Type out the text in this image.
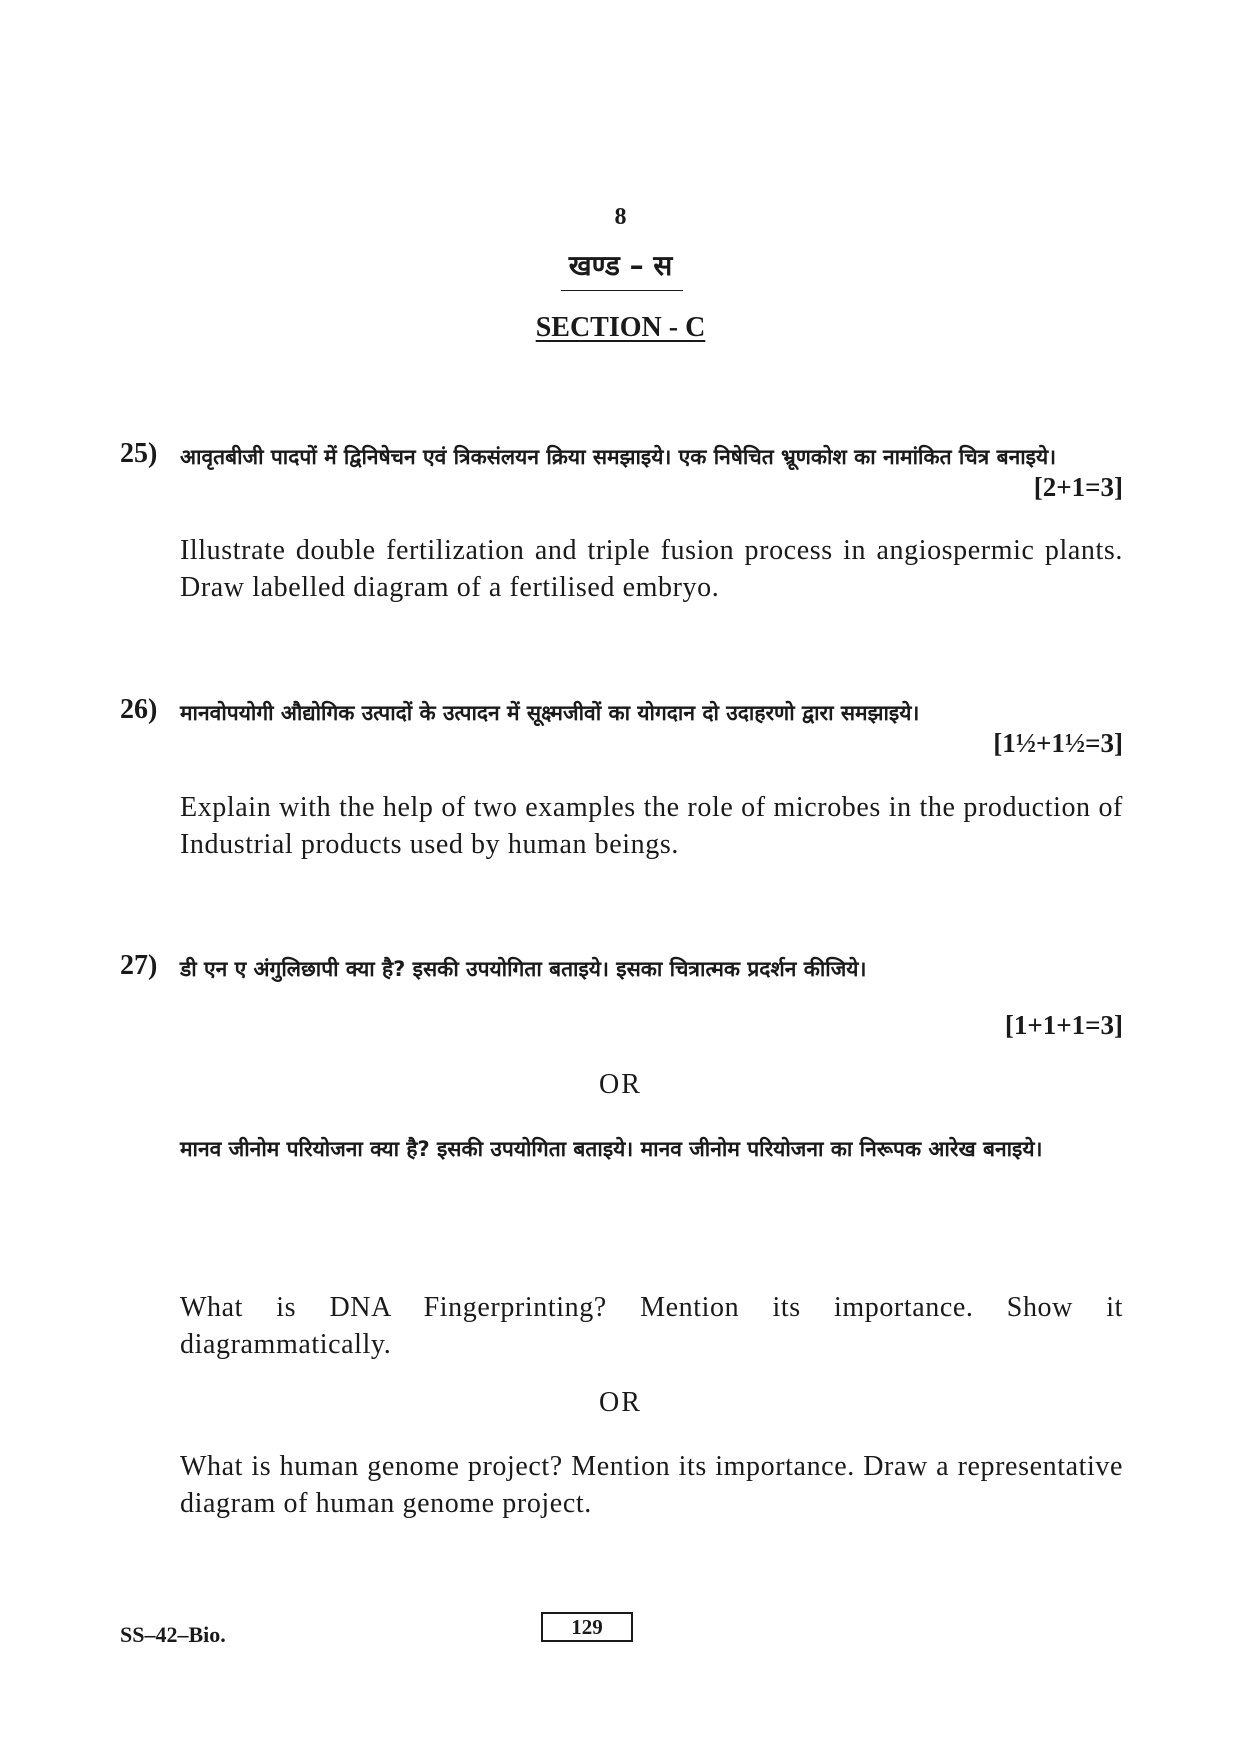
8
खण्ड – स
SECTION - C
25) आवृतबीजी पादपों में द्विनिषेचन एवं त्रिकसंलयन क्रिया समझाइये। एक निषेचित भ्रूणकोश का नामांकित चित्र बनाइये।
[2+1=3]
Illustrate double fertilization and triple fusion process in angiospermic plants. Draw labelled diagram of a fertilised embryo.
26) मानवोपयोगी औद्योगिक उत्पादों के उत्पादन में सूक्ष्मजीवों का योगदान दो उदाहरणो द्वारा समझाइये।
[1½+1½=3]
Explain with the help of two examples the role of microbes in the production of Industrial products used by human beings.
27) डी एन ए अंगुलिछापी क्या है? इसकी उपयोगिता बताइये। इसका चित्रात्मक प्रदर्शन कीजिये।
[1+1+1=3]
OR
मानव जीनोम परियोजना क्या है? इसकी उपयोगिता बताइये। मानव जीनोम परियोजना का निरूपक आरेख बनाइये।
What is DNA Fingerprinting? Mention its importance. Show it diagrammatically.
OR
What is human genome project? Mention its importance. Draw a representative diagram of human genome project.
SS–42–Bio.	129
